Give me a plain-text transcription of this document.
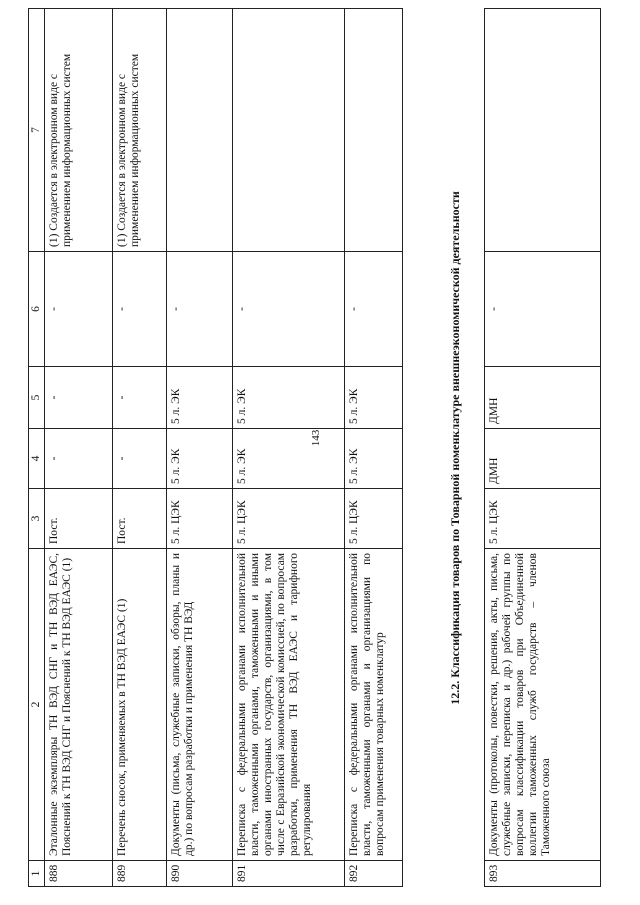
143
1	2	3	4	5	6	7
888	Эталонные экземпляры ТН ВЭД СНГ и ТН ВЭД ЕАЭС, Пояснений к ТН ВЭД СНГ и Пояснений к ТН ВЭД ЕАЭС (1)	Пост.	-	-	-	(1) Создается в электронном виде с применением информационных систем
889	Перечень сносок, применяемых в ТН ВЭД ЕАЭС (1)	Пост.	-	-	-	(1) Создается в электронном виде с применением информационных систем
890	Документы (письма, служебные записки, обзоры, планы и др.) по вопросам разработки и применения ТН ВЭД	5 л. ЦЭК	5 л. ЭК	5 л. ЭК	-	
891	Переписка с федеральными органами исполнительной власти, таможенными органами, таможенными и иными органами иностранных государств, организациями, в том числе с Евразийской экономической комиссией, по вопросам разработки, применения ТН ВЭД ЕАЭС и тарифного регулирования	5 л. ЦЭК	5 л. ЭК	5 л. ЭК	-	
892	Переписка с федеральными органами исполнительной власти, таможенными органами и организациями по вопросам применения товарных номенклатур	5 л. ЦЭК	5 л. ЭК	5 л. ЭК	-		12.2. Классификация товаров по Товарной номенклатуре внешнеэкономической деятельности
893	Документы (протоколы, повестки, решения, акты, письма, служебные записки, переписка и др.) рабочей группы по вопросам классификации товаров при Объединенной коллегии таможенных служб государств – членов Таможенного союза	5 л. ЦЭК	ДМН	ДМН	-	
